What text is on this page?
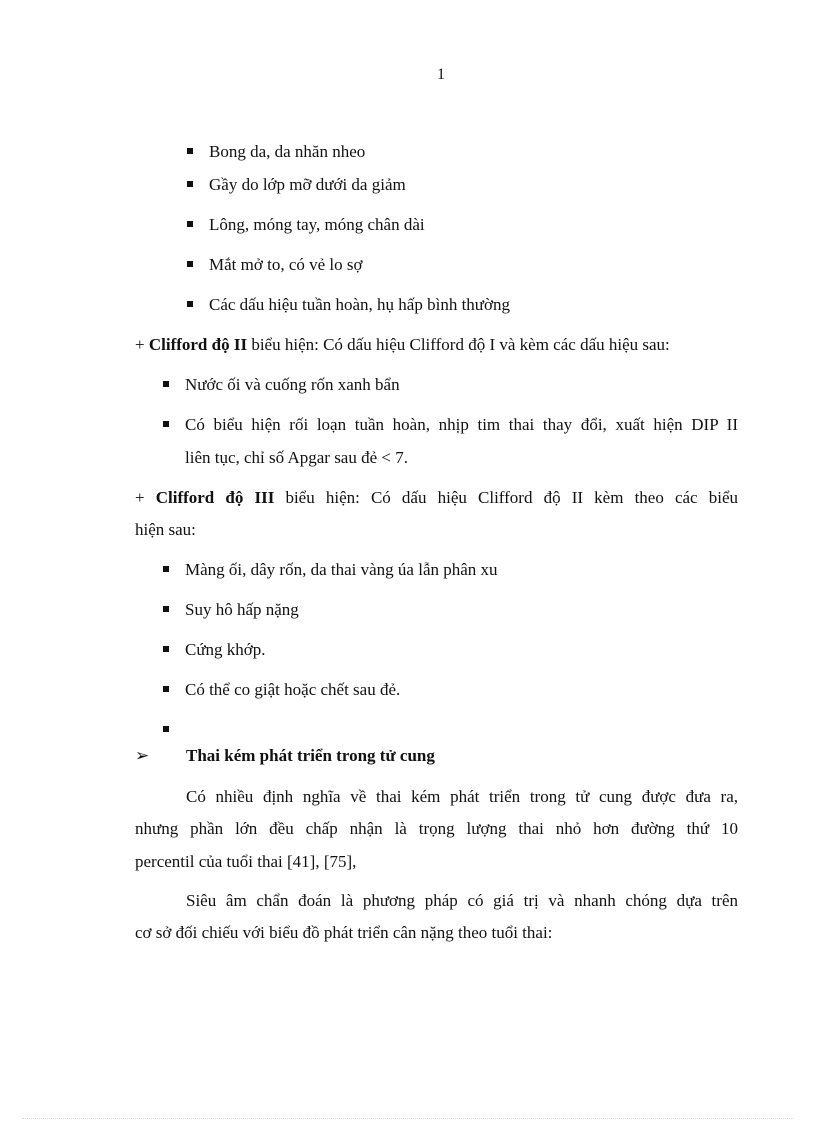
1
Bong da, da nhăn nheo
Gầy do lớp mỡ dưới da giảm
Lông, móng tay, móng chân dài
Mắt mở to, có vẻ lo sợ
Các dấu hiệu tuần hoàn, hụ hấp bình thường
+ Clifford độ II biểu hiện: Có dấu hiệu Clifford độ I và kèm các dấu hiệu sau:
Nước ối và cuống rốn xanh bẩn
Có biểu hiện rối loạn tuần hoàn, nhịp tim thai thay đổi, xuất hiện DIP II
liên tục, chỉ số Apgar sau đẻ < 7.
+ Clifford độ III biểu hiện: Có dấu hiệu Clifford độ II kèm theo các biểu
hiện sau:
Màng ối, dây rốn, da thai vàng úa lẫn phân xu
Suy hô hấp nặng
Cứng khớp.
Có thể co giật hoặc chết sau đẻ.
➢ Thai kém phát triển trong tử cung
Có nhiều định nghĩa về thai kém phát triển trong tử cung được đưa ra,
nhưng phần lớn đều chấp nhận là trọng lượng thai nhỏ hơn đường thứ 10
percentil của tuổi thai [41], [75],
Siêu âm chẩn đoán là phương pháp có giá trị và nhanh chóng dựa trên
cơ sở đối chiếu với biểu đồ phát triển cân nặng theo tuổi thai:
